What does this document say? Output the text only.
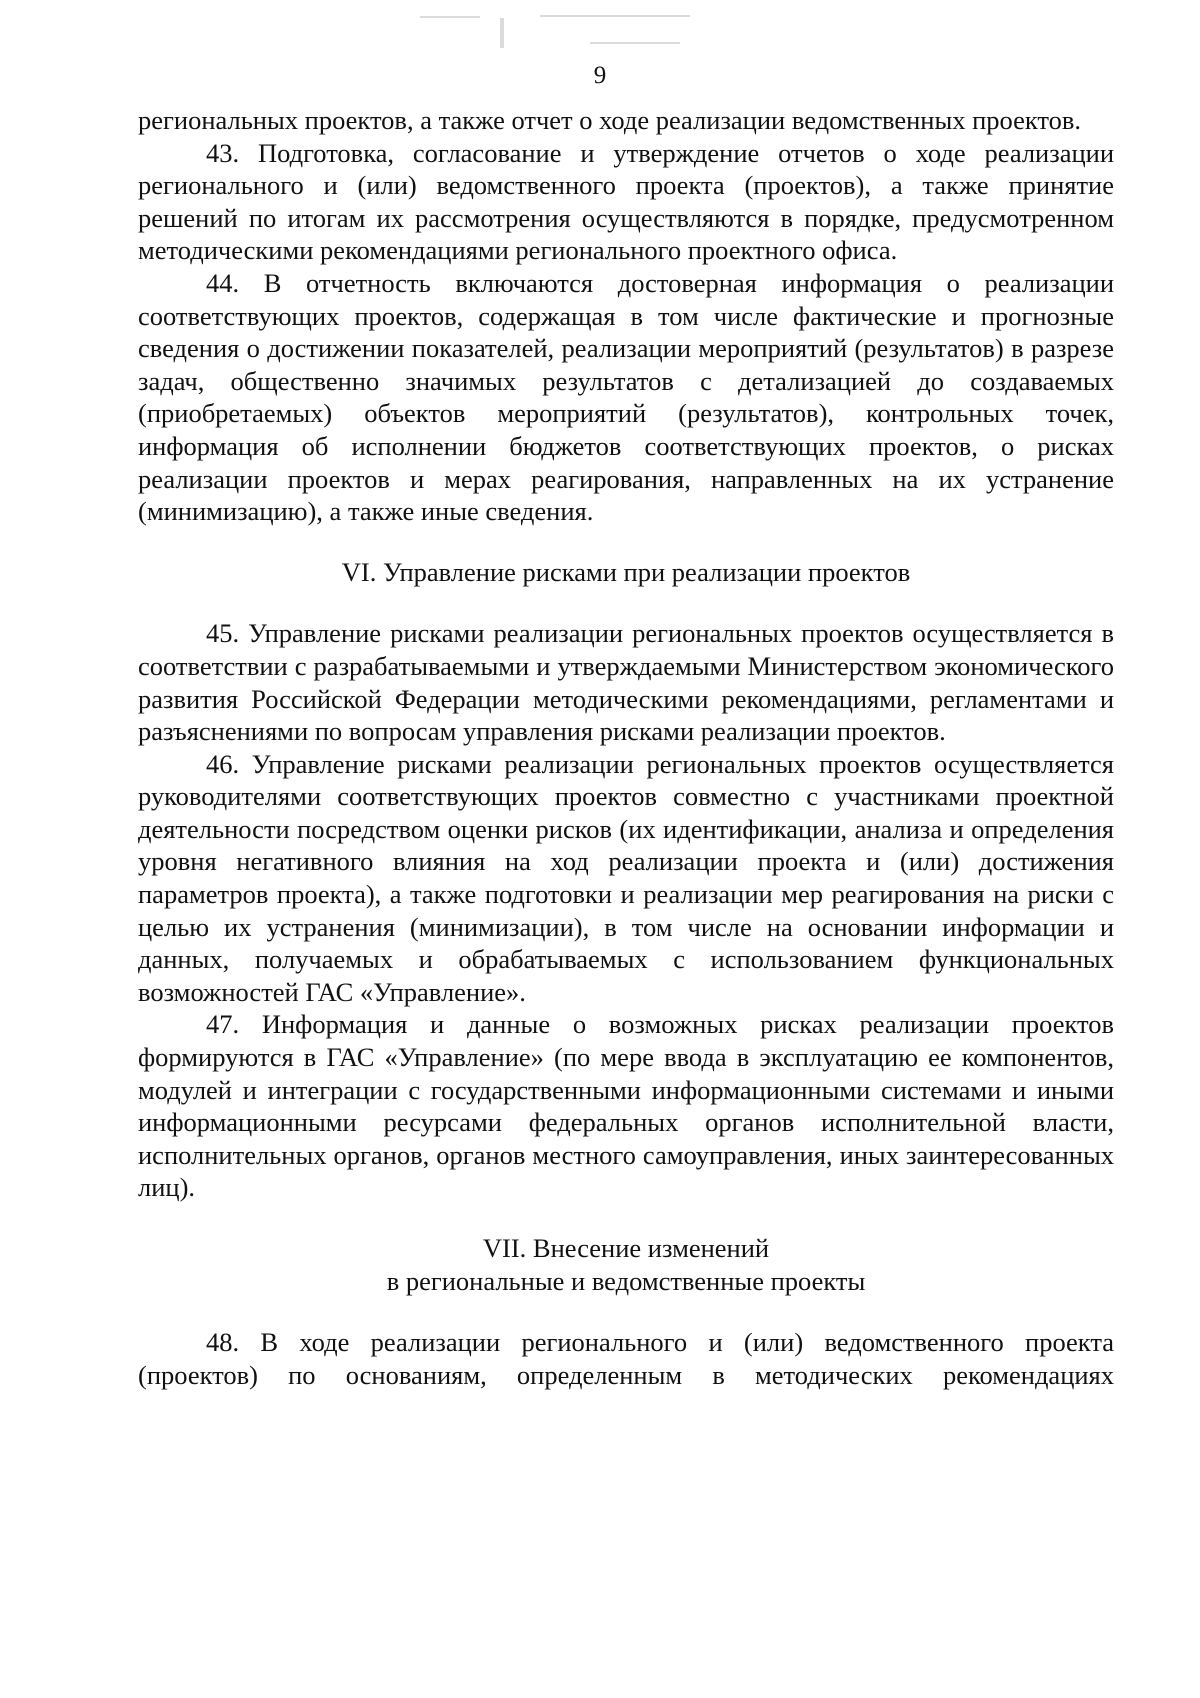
9

региональных проектов, а также отчет о ходе реализации ведомственных проектов.

43. Подготовка, согласование и утверждение отчетов о ходе реализации регионального и (или) ведомственного проекта (проектов), а также принятие решений по итогам их рассмотрения осуществляются в порядке, предусмотренном методическими рекомендациями регионального проектного офиса.

44. В отчетность включаются достоверная информация о реализации соответствующих проектов, содержащая в том числе фактические и прогнозные сведения о достижении показателей, реализации мероприятий (результатов) в разрезе задач, общественно значимых результатов с детализацией до создаваемых (приобретаемых) объектов мероприятий (результатов), контрольных точек, информация об исполнении бюджетов соответствующих проектов, о рисках реализации проектов и мерах реагирования, направленных на их устранение (минимизацию), а также иные сведения.

VI. Управление рисками при реализации проектов

45. Управление рисками реализации региональных проектов осуществляется в соответствии с разрабатываемыми и утверждаемыми Министерством экономического развития Российской Федерации методическими рекомендациями, регламентами и разъяснениями по вопросам управления рисками реализации проектов.

46. Управление рисками реализации региональных проектов осуществляется руководителями соответствующих проектов совместно с участниками проектной деятельности посредством оценки рисков (их идентификации, анализа и определения уровня негативного влияния на ход реализации проекта и (или) достижения параметров проекта), а также подготовки и реализации мер реагирования на риски с целью их устранения (минимизации), в том числе на основании информации и данных, получаемых и обрабатываемых с использованием функциональных возможностей ГАС «Управление».

47. Информация и данные о возможных рисках реализации проектов формируются в ГАС «Управление» (по мере ввода в эксплуатацию ее компонентов, модулей и интеграции с государственными информационными системами и иными информационными ресурсами федеральных органов исполнительной власти, исполнительных органов, органов местного самоуправления, иных заинтересованных лиц).

VII. Внесение изменений

в региональные и ведомственные проекты

48. В ходе реализации регионального и (или) ведомственного проекта (проектов) по основаниям, определенным в методических рекомендациях
